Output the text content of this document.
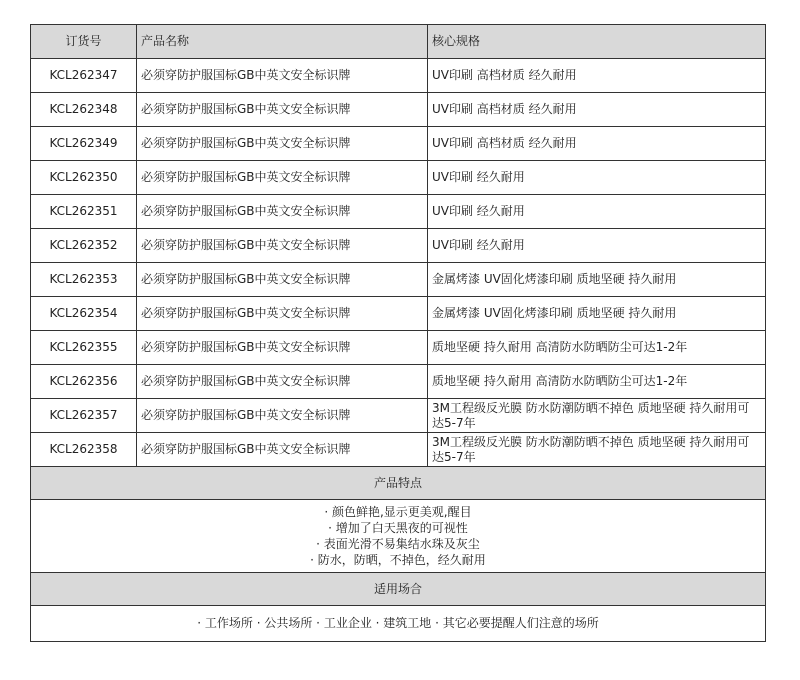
订货号	产品名称	核心规格
KCL262347	必须穿防护服国标GB中英文安全标识牌	UV印刷 高档材质 经久耐用
KCL262348	必须穿防护服国标GB中英文安全标识牌	UV印刷 高档材质 经久耐用
KCL262349	必须穿防护服国标GB中英文安全标识牌	UV印刷 高档材质 经久耐用
KCL262350	必须穿防护服国标GB中英文安全标识牌	UV印刷 经久耐用
KCL262351	必须穿防护服国标GB中英文安全标识牌	UV印刷 经久耐用
KCL262352	必须穿防护服国标GB中英文安全标识牌	UV印刷 经久耐用
KCL262353	必须穿防护服国标GB中英文安全标识牌	金属烤漆 UV固化烤漆印刷 质地坚硬 持久耐用
KCL262354	必须穿防护服国标GB中英文安全标识牌	金属烤漆 UV固化烤漆印刷 质地坚硬 持久耐用
KCL262355	必须穿防护服国标GB中英文安全标识牌	质地坚硬 持久耐用 高清防水防晒防尘可达1-2年
KCL262356	必须穿防护服国标GB中英文安全标识牌	质地坚硬 持久耐用 高清防水防晒防尘可达1-2年
KCL262357	必须穿防护服国标GB中英文安全标识牌	3M工程级反光膜 防水防潮防晒不掉色 质地坚硬 持久耐用可达5-7年
KCL262358	必须穿防护服国标GB中英文安全标识牌	3M工程级反光膜 防水防潮防晒不掉色 质地坚硬 持久耐用可达5-7年
产品特点		

· 颜色鲜艳,显示更美观,醒目
· 增加了白天黑夜的可视性
· 表面光滑不易集结水珠及灰尘
· 防水，防晒，不掉色，经久耐用		

适用场合		
· 工作场所 · 公共场所 · 工业企业 · 建筑工地 · 其它必要提醒人们注意的场所		
